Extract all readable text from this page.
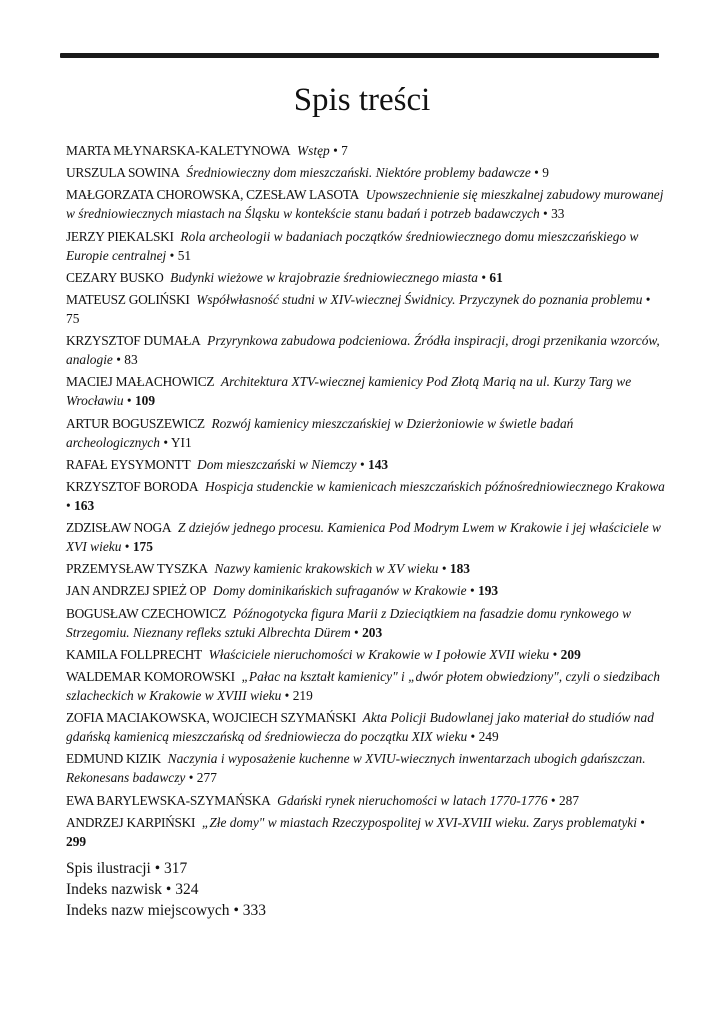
Spis treści
MARTA MŁYNARSKA-KALETYNOWA  Wstęp • 7
URSZULA SOWINA  Średniowieczny dom mieszczański. Niektóre problemy badawcze • 9
MAŁGORZATA CHOROWSKA, CZESŁAW LASOTA  Upowszechnienie się mieszkalnej zabudowy murowanej w średniowiecznych miastach na Śląsku w kontekście stanu badań i potrzeb badawczych • 33
JERZY PIEKALSKI  Rola archeologii w badaniach początków średniowiecznego domu mieszczańskiego w Europie centralnej • 51
CEZARY BUSKO  Budynki wieżowe w krajobrazie średniowiecznego miasta • 61
MATEUSZ GOLIŃSKI  Współwłasność studni w XIV-wiecznej Świdnicy. Przyczynek do poznania problemu • 75
KRZYSZTOF DUMAŁA  Przyrynkowa zabudowa podcieniowa. Źródła inspiracji, drogi przenikania wzorców, analogie • 83
MACIEJ MAŁACHOWICZ  Architektura XTV-wiecznej kamienicy Pod Złotą Marią na ul. Kurzy Targ we Wrocławiu • 109
ARTUR BOGUSZEWICZ  Rozwój kamienicy mieszczańskiej w Dzierżoniowie w świetle badań archeologicznych • YI1
RAFAŁ EYSYMONTT  Dom mieszczański w Niemczy • 143
KRZYSZTOF BORODA  Hospicja studenckie w kamienicach mieszczańskich późnośredniowiecznego Krakowa • 163
ZDZISŁAW NOGA  Z dziejów jednego procesu. Kamienica Pod Modrym Lwem w Krakowie i jej właściciele w XVI wieku • 175
PRZEMYSŁAW TYSZKA  Nazwy kamienic krakowskich w XV wieku • 183
JAN ANDRZEJ SPIEŻ OP  Domy dominikańskich sufraganów w Krakowie • 193
BOGUSŁAW CZECHOWICZ  Późnogotycka figura Marii z Dzieciątkiem na fasadzie domu rynkowego w Strzegomiu. Nieznany refleks sztuki Albrechta Dürem • 203
KAMILA FOLLPRECHT  Właściciele nieruchomości w Krakowie w I połowie XVII wieku • 209
WALDEMAR KOMOROWSKI  „Pałac na kształt kamienicy" i „dwór płotem obwiedziony", czyli o siedzibach szlacheckich w Krakowie w XVIII wieku • 219
ZOFIA MACIAKOWSKA, WOJCIECH SZYMAŃSKI  Akta Policji Budowlanej jako materiał do studiów nad gdańską kamienicą mieszczańską od średniowiecza do początku XIX wieku • 249
EDMUND KIZIK  Naczynia i wyposażenie kuchenne w XVIU-wiecznych inwentarzach ubogich gdańszczan. Rekonesans badawczy • 277
EWA BARYLEWSKA-SZYMAŃSKA  Gdański rynek nieruchomości w latach 1770-1776 • 287
ANDRZEJ KARPIŃSKI  „Złe domy" w miastach Rzeczypospolitej w XVI-XVIII wieku. Zarys problematyki • 299
Spis ilustracji • 317
Indeks nazwisk • 324
Indeks nazw miejscowych • 333
